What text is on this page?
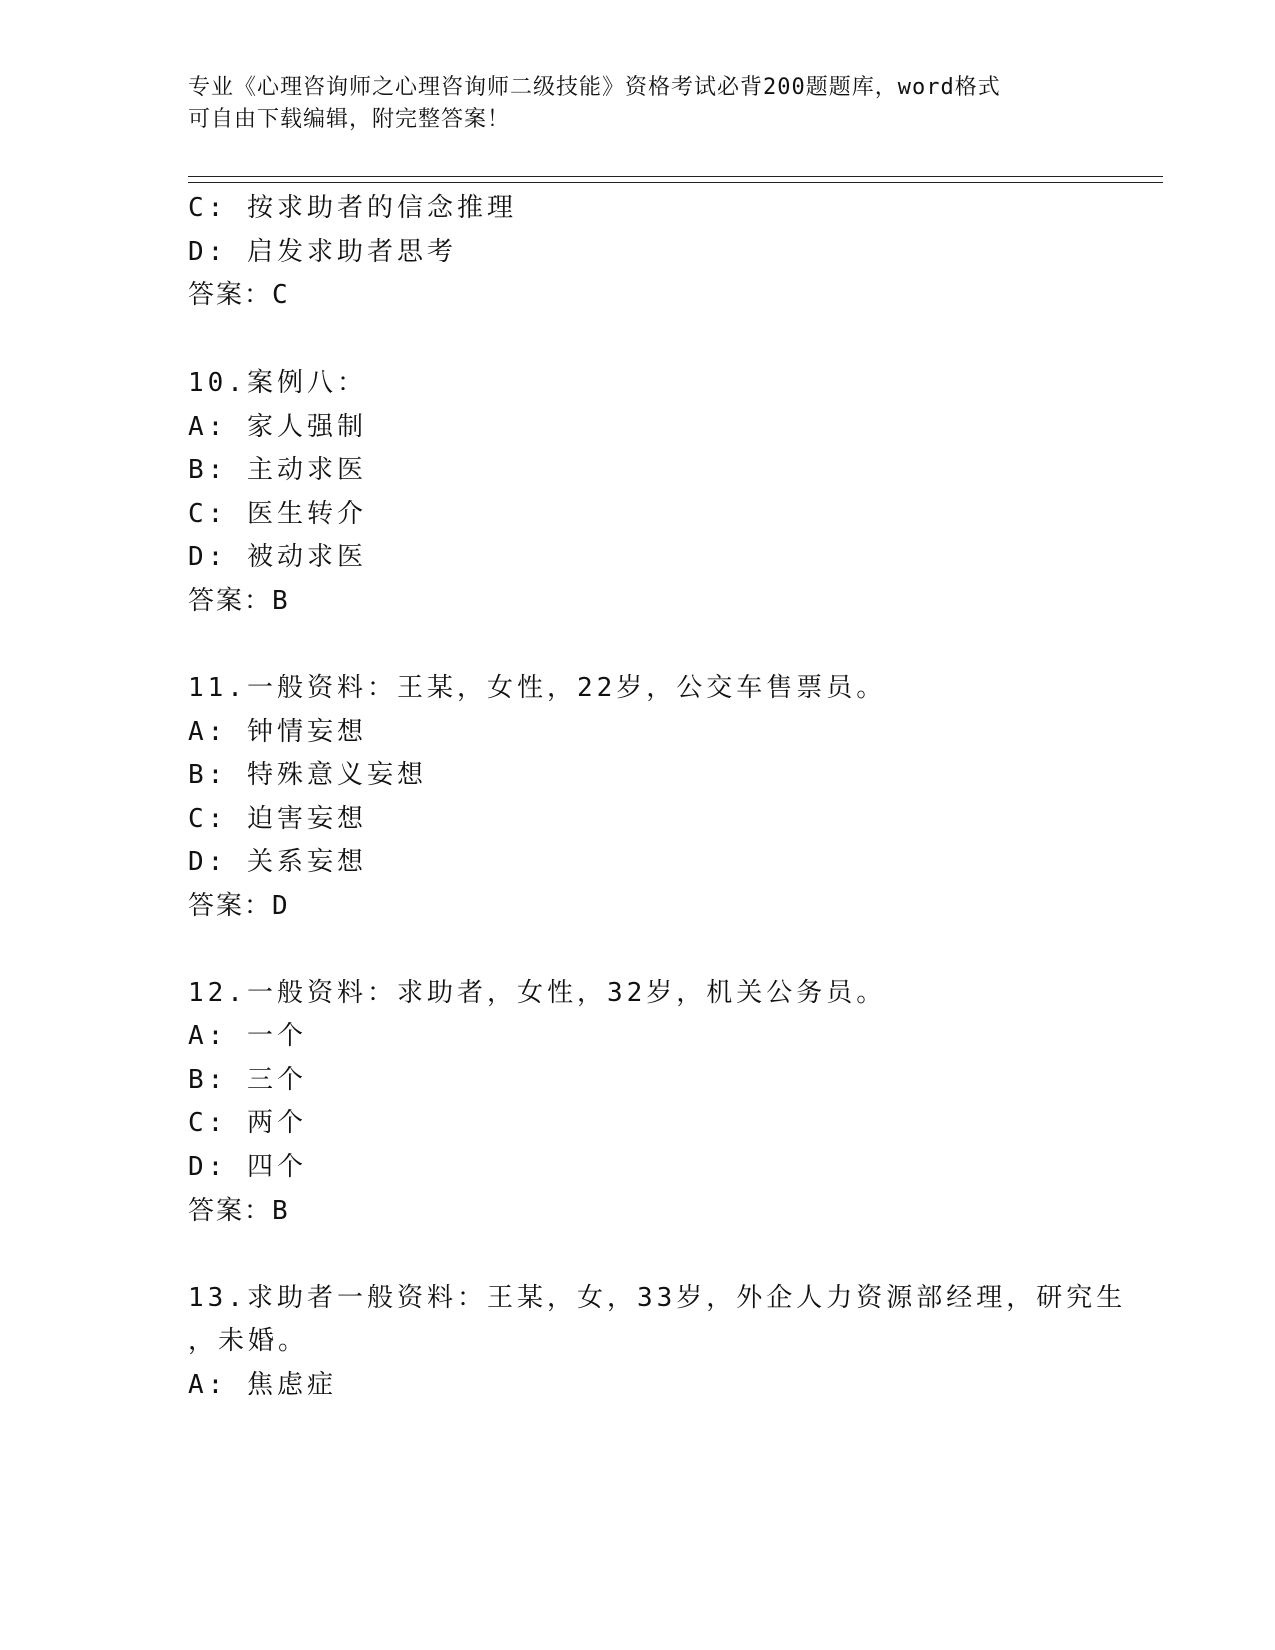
专业《心理咨询师之心理咨询师二级技能》资格考试必背200题题库，word格式
可自由下载编辑，附完整答案！
C: 按求助者的信念推理
D: 启发求助者思考
答案：C
10.案例八：
A: 家人强制
B: 主动求医
C: 医生转介
D: 被动求医
答案：B
11.一般资料：王某，女性，22岁，公交车售票员。
A: 钟情妄想
B: 特殊意义妄想
C: 迫害妄想
D: 关系妄想
答案：D
12.一般资料：求助者，女性，32岁，机关公务员。
A: 一个
B: 三个
C: 两个
D: 四个
答案：B
13.求助者一般资料：王某，女，33岁，外企人力资源部经理，研究生
，未婚。
A: 焦虑症
